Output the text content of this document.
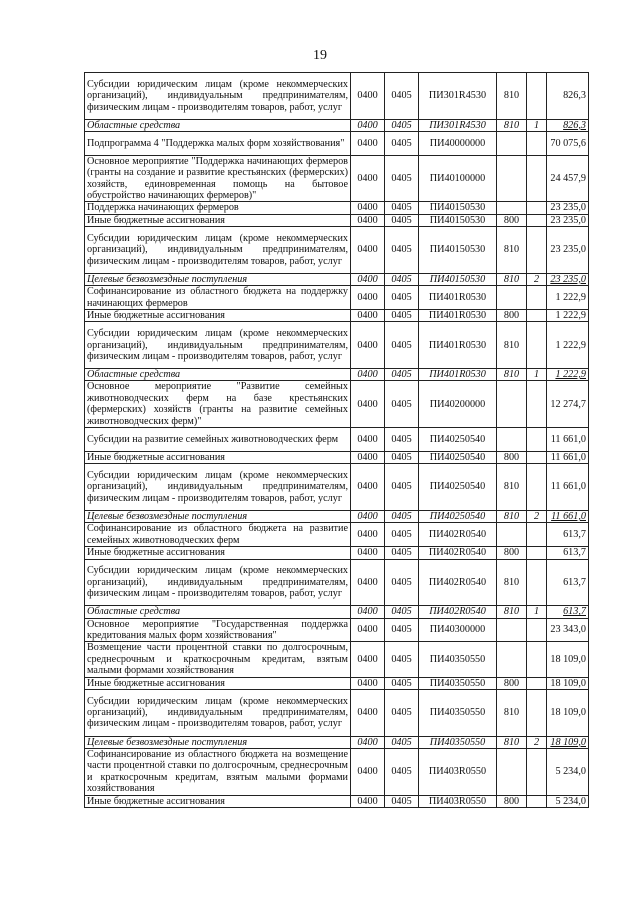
19
Субсидии юридическим лицам (кроме некоммерческих организаций), индивидуальным предпринимателям, физическим лицам - производителям товаров, работ, услуг	0400	0405	ПИ301R4530	810		826,3
Областные средства	0400	0405	ПИ301R4530	810	1	826,3
Подпрограмма 4 "Поддержка малых форм хозяйствования"	0400	0405	ПИ40000000			70 075,6
Основное мероприятие "Поддержка начинающих фермеров (гранты на создание и развитие крестьянских (фермерских) хозяйств, единовременная помощь на бытовое обустройство начинающих фермеров)"	0400	0405	ПИ40100000			24 457,9
Поддержка начинающих фермеров	0400	0405	ПИ40150530			23 235,0
Иные бюджетные ассигнования	0400	0405	ПИ40150530	800		23 235,0
Субсидии юридическим лицам (кроме некоммерческих организаций), индивидуальным предпринимателям, физическим лицам - производителям товаров, работ, услуг	0400	0405	ПИ40150530	810		23 235,0
Целевые безвозмездные поступления	0400	0405	ПИ40150530	810	2	23 235,0
Софинансирование из областного бюджета на поддержку начинающих фермеров	0400	0405	ПИ401R0530			1 222,9
Иные бюджетные ассигнования	0400	0405	ПИ401R0530	800		1 222,9
Субсидии юридическим лицам (кроме некоммерческих организаций), индивидуальным предпринимателям, физическим лицам - производителям товаров, работ, услуг	0400	0405	ПИ401R0530	810		1 222,9
Областные средства	0400	0405	ПИ401R0530	810	1	1 222,9
Основное мероприятие "Развитие семейных животноводческих ферм на базе крестьянских (фермерских) хозяйств (гранты на развитие семейных животноводческих ферм)"	0400	0405	ПИ40200000			12 274,7
Субсидии на развитие семейных животноводческих ферм	0400	0405	ПИ40250540			11 661,0
Иные бюджетные ассигнования	0400	0405	ПИ40250540	800		11 661,0
Субсидии юридическим лицам (кроме некоммерческих организаций), индивидуальным предпринимателям, физическим лицам - производителям товаров, работ, услуг	0400	0405	ПИ40250540	810		11 661,0
Целевые безвозмездные поступления	0400	0405	ПИ40250540	810	2	11 661,0
Софинансирование из областного бюджета на развитие семейных животноводческих ферм	0400	0405	ПИ402R0540			613,7
Иные бюджетные ассигнования	0400	0405	ПИ402R0540	800		613,7
Субсидии юридическим лицам (кроме некоммерческих организаций), индивидуальным предпринимателям, физическим лицам - производителям товаров, работ, услуг	0400	0405	ПИ402R0540	810		613,7
Областные средства	0400	0405	ПИ402R0540	810	1	613,7
Основное мероприятие "Государственная поддержка кредитования малых форм хозяйствования"	0400	0405	ПИ40300000			23 343,0
Возмещение части процентной ставки по долгосрочным, среднесрочным и краткосрочным кредитам, взятым малыми формами хозяйствования	0400	0405	ПИ40350550			18 109,0
Иные бюджетные ассигнования	0400	0405	ПИ40350550	800		18 109,0
Субсидии юридическим лицам (кроме некоммерческих организаций), индивидуальным предпринимателям, физическим лицам - производителям товаров, работ, услуг	0400	0405	ПИ40350550	810		18 109,0
Целевые безвозмездные поступления	0400	0405	ПИ40350550	810	2	18 109,0
Софинансирование из областного бюджета на возмещение части процентной ставки по долгосрочным, среднесрочным и краткосрочным кредитам, взятым малыми формами хозяйствования	0400	0405	ПИ403R0550			5 234,0
Иные бюджетные ассигнования	0400	0405	ПИ403R0550	800		5 234,0
